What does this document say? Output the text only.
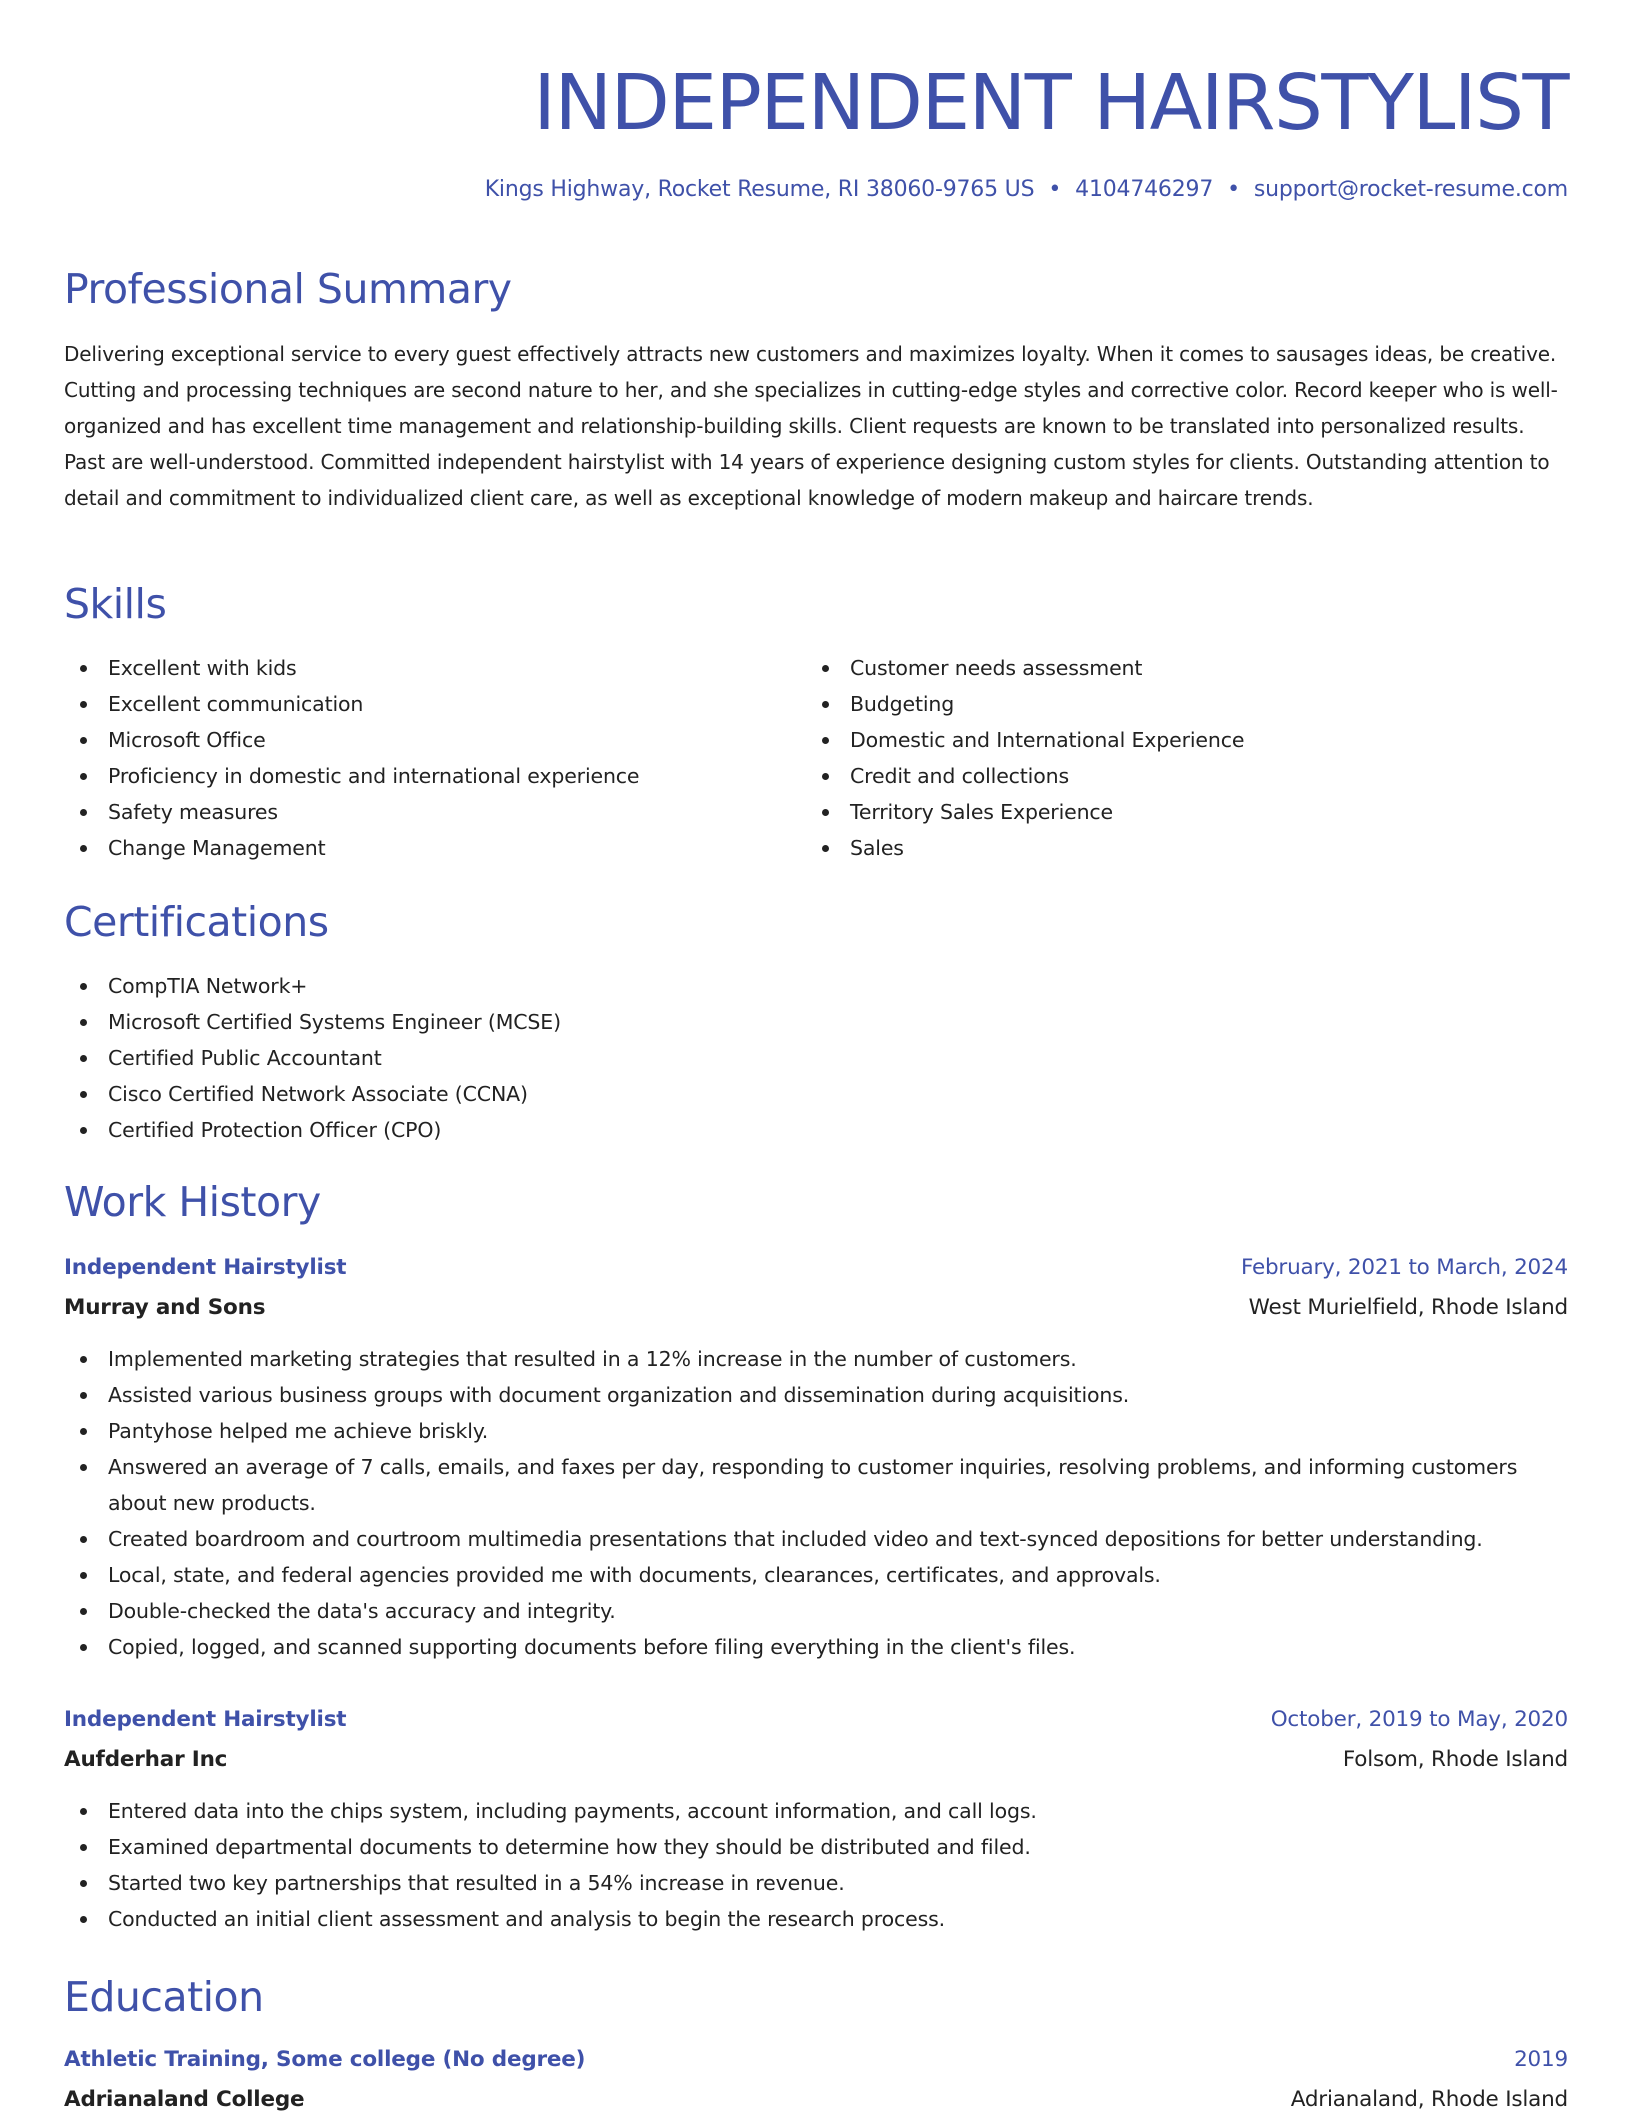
INDEPENDENT HAIRSTYLIST
Kings Highway, Rocket Resume, RI 38060-9765 US • 4104746297 • support@rocket-resume.com
Professional Summary

Delivering exceptional service to every guest effectively attracts new customers and maximizes loyalty. When it comes to sausages ideas, be creative. Cutting and processing techniques are second nature to her, and she specializes in cutting-edge styles and corrective color. Record keeper who is well-organized and has excellent time management and relationship-building skills. Client requests are known to be translated into personalized results. Past are well-understood. Committed independent hairstylist with 14 years of experience designing custom styles for clients. Outstanding attention to detail and commitment to individualized client care, as well as exceptional knowledge of modern makeup and haircare trends.

Skills
Excellent with kids
Excellent communication
Microsoft Office
Proficiency in domestic and international experience
Safety measures
Change Management
Customer needs assessment
Budgeting
Domestic and International Experience
Credit and collections
Territory Sales Experience
Sales
Certifications
CompTIA Network+
Microsoft Certified Systems Engineer (MCSE)
Certified Public Accountant
Cisco Certified Network Associate (CCNA)
Certified Protection Officer (CPO)
Work History
Independent Hairstylist	February, 2021 to March, 2024
Murray and Sons	West Murielfield, Rhode Island
Implemented marketing strategies that resulted in a 12% increase in the number of customers.
Assisted various business groups with document organization and dissemination during acquisitions.
Pantyhose helped me achieve briskly.
Answered an average of 7 calls, emails, and faxes per day, responding to customer inquiries, resolving problems, and informing customers about new products.
Created boardroom and courtroom multimedia presentations that included video and text-synced depositions for better understanding.
Local, state, and federal agencies provided me with documents, clearances, certificates, and approvals.
Double-checked the data's accuracy and integrity.
Copied, logged, and scanned supporting documents before filing everything in the client's files.
Independent Hairstylist	October, 2019 to May, 2020
Aufderhar Inc	Folsom, Rhode Island
Entered data into the chips system, including payments, account information, and call logs.
Examined departmental documents to determine how they should be distributed and filed.
Started two key partnerships that resulted in a 54% increase in revenue.
Conducted an initial client assessment and analysis to begin the research process.
Education
Athletic Training, Some college (No degree)	2019
Adrianaland College	Adrianaland, Rhode Island
